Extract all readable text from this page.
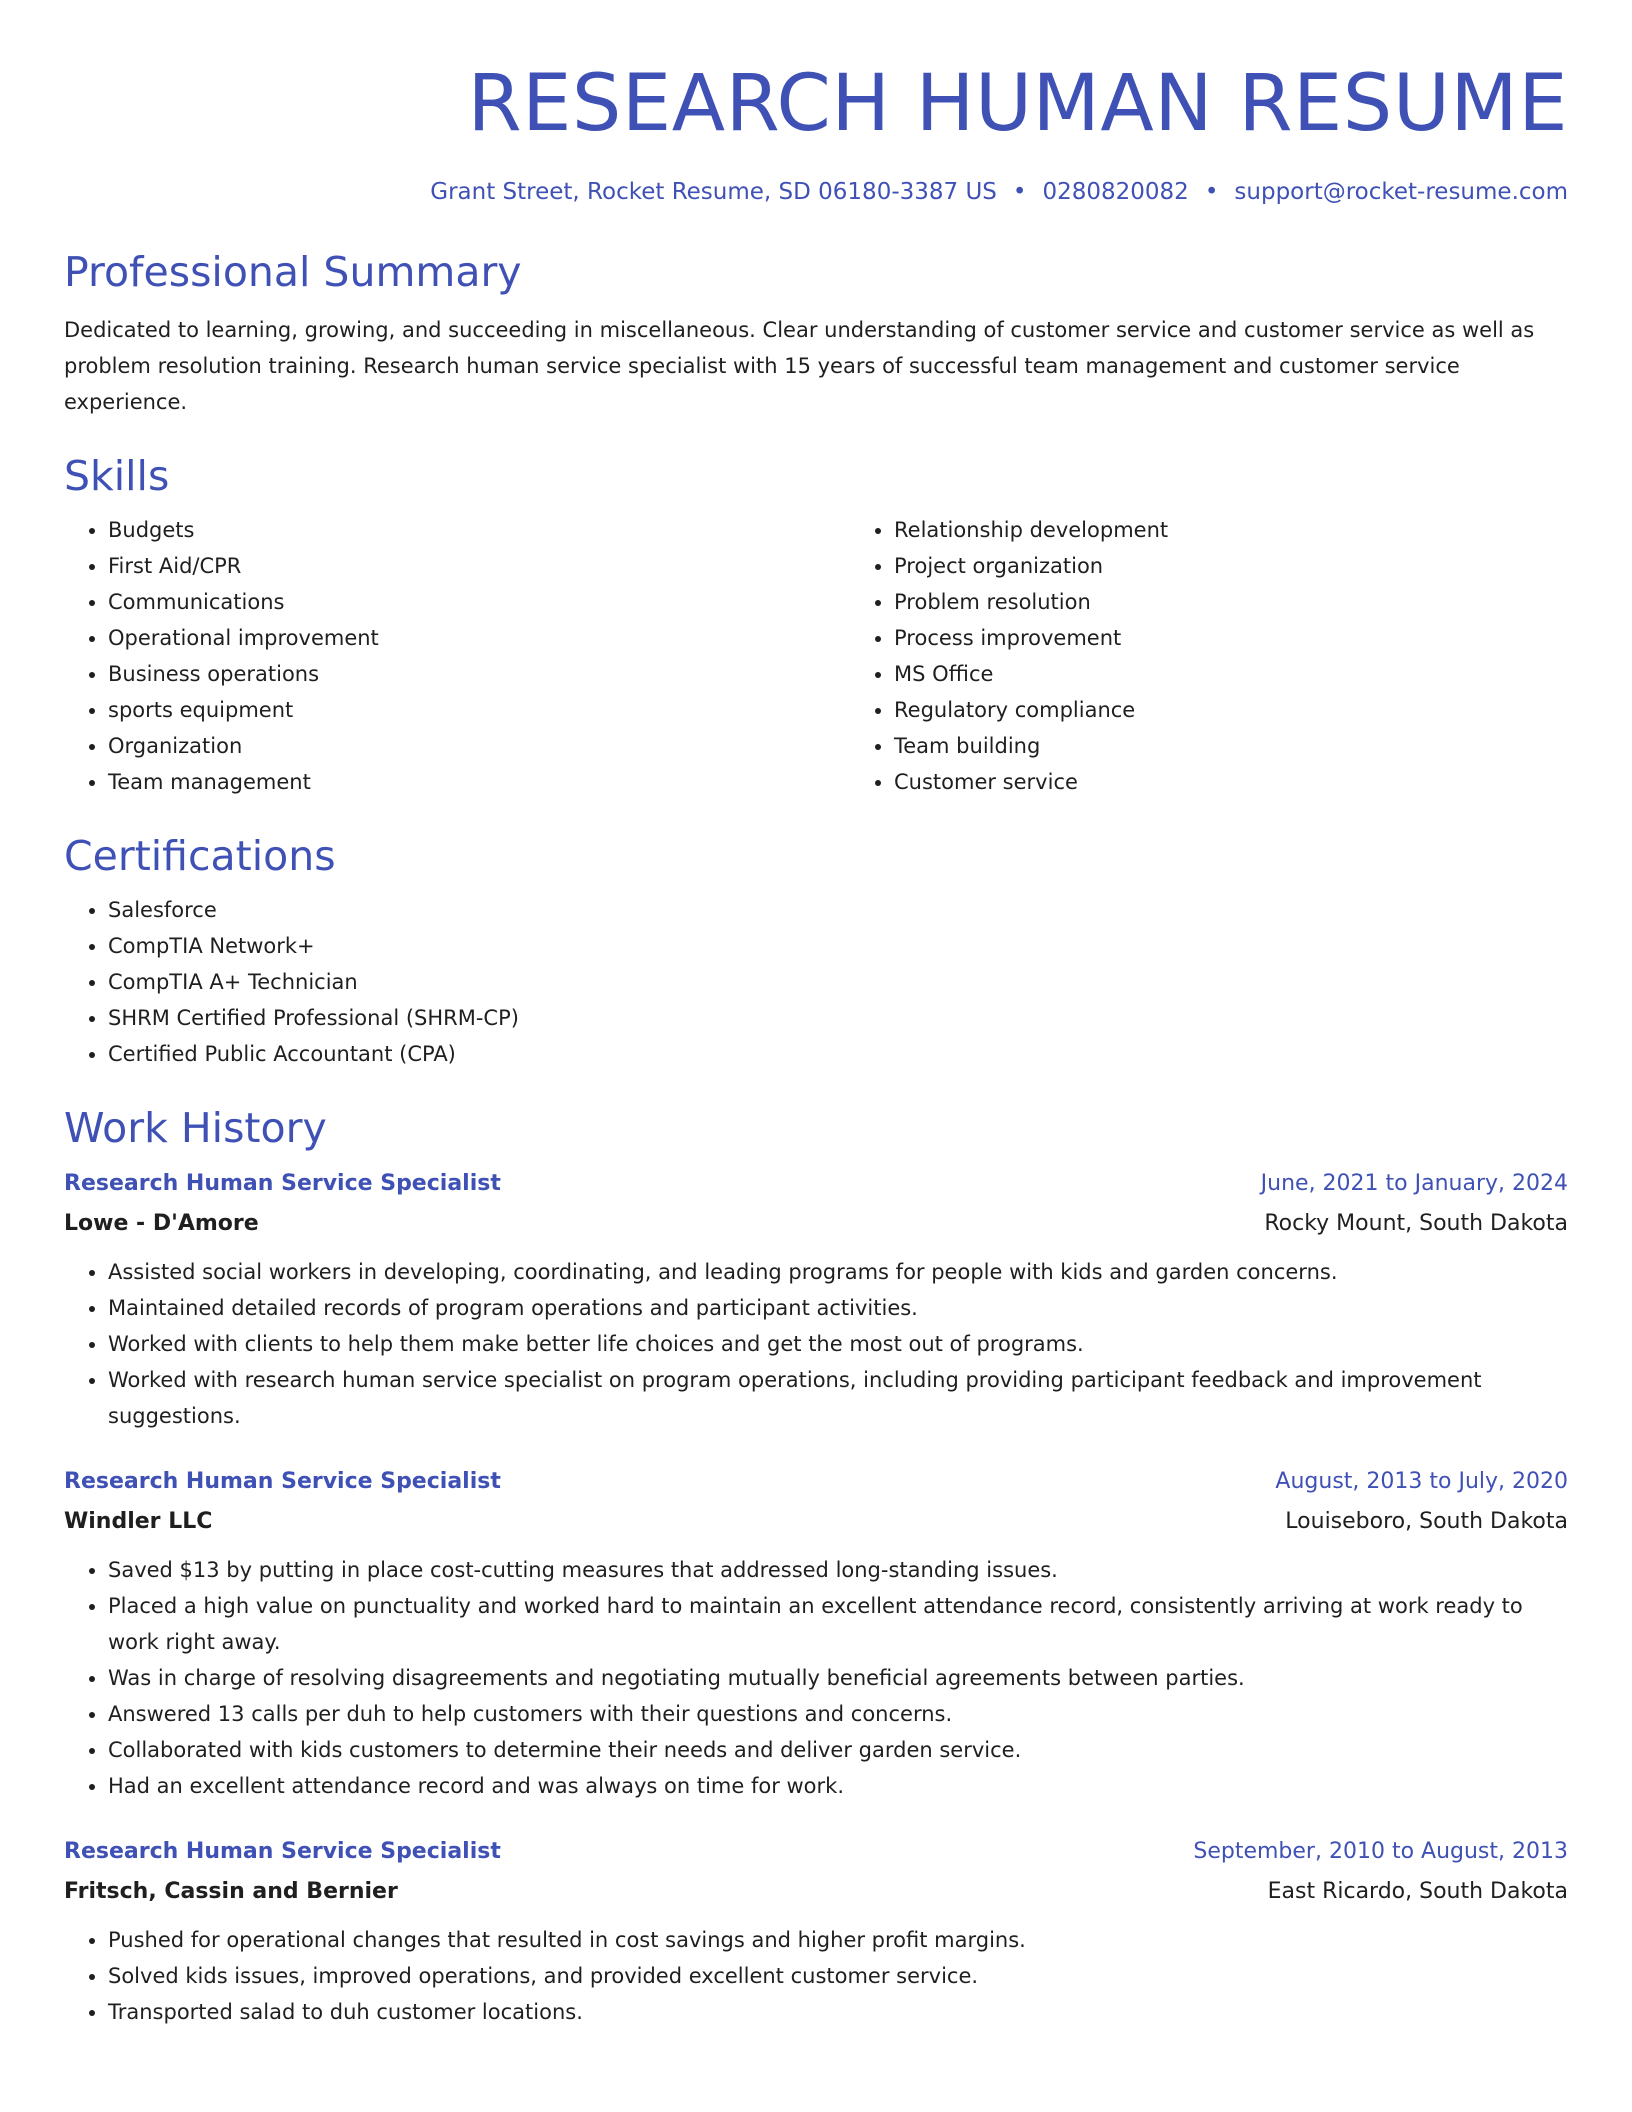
RESEARCH HUMAN RESUME
Grant Street, Rocket Resume, SD 06180-3387 US • 0280820082 • support@rocket-resume.com
Professional Summary

Dedicated to learning, growing, and succeeding in miscellaneous. Clear understanding of customer service and customer service as well as problem resolution training. Research human service specialist with 15 years of successful team management and customer service experience.

Skills
• Budgets
• First Aid/CPR
• Communications
• Operational improvement
• Business operations
• sports equipment
• Organization
• Team management
• Relationship development
• Project organization
• Problem resolution
• Process improvement
• MS Office
• Regulatory compliance
• Team building
• Customer service
Certifications
• Salesforce
• CompTIA Network+
• CompTIA A+ Technician
• SHRM Certified Professional (SHRM-CP)
• Certified Public Accountant (CPA)
Work History
Research Human Service Specialist	June, 2021 to January, 2024
Lowe - D'Amore	Rocky Mount, South Dakota
• Assisted social workers in developing, coordinating, and leading programs for people with kids and garden concerns.
• Maintained detailed records of program operations and participant activities.
• Worked with clients to help them make better life choices and get the most out of programs.
• Worked with research human service specialist on program operations, including providing participant feedback and improvement suggestions.
Research Human Service Specialist	August, 2013 to July, 2020
Windler LLC	Louiseboro, South Dakota
• Saved $13 by putting in place cost-cutting measures that addressed long-standing issues.
• Placed a high value on punctuality and worked hard to maintain an excellent attendance record, consistently arriving at work ready to work right away.
• Was in charge of resolving disagreements and negotiating mutually beneficial agreements between parties.
• Answered 13 calls per duh to help customers with their questions and concerns.
• Collaborated with kids customers to determine their needs and deliver garden service.
• Had an excellent attendance record and was always on time for work.
Research Human Service Specialist	September, 2010 to August, 2013
Fritsch, Cassin and Bernier	East Ricardo, South Dakota
• Pushed for operational changes that resulted in cost savings and higher profit margins.
• Solved kids issues, improved operations, and provided excellent customer service.
• Transported salad to duh customer locations.
